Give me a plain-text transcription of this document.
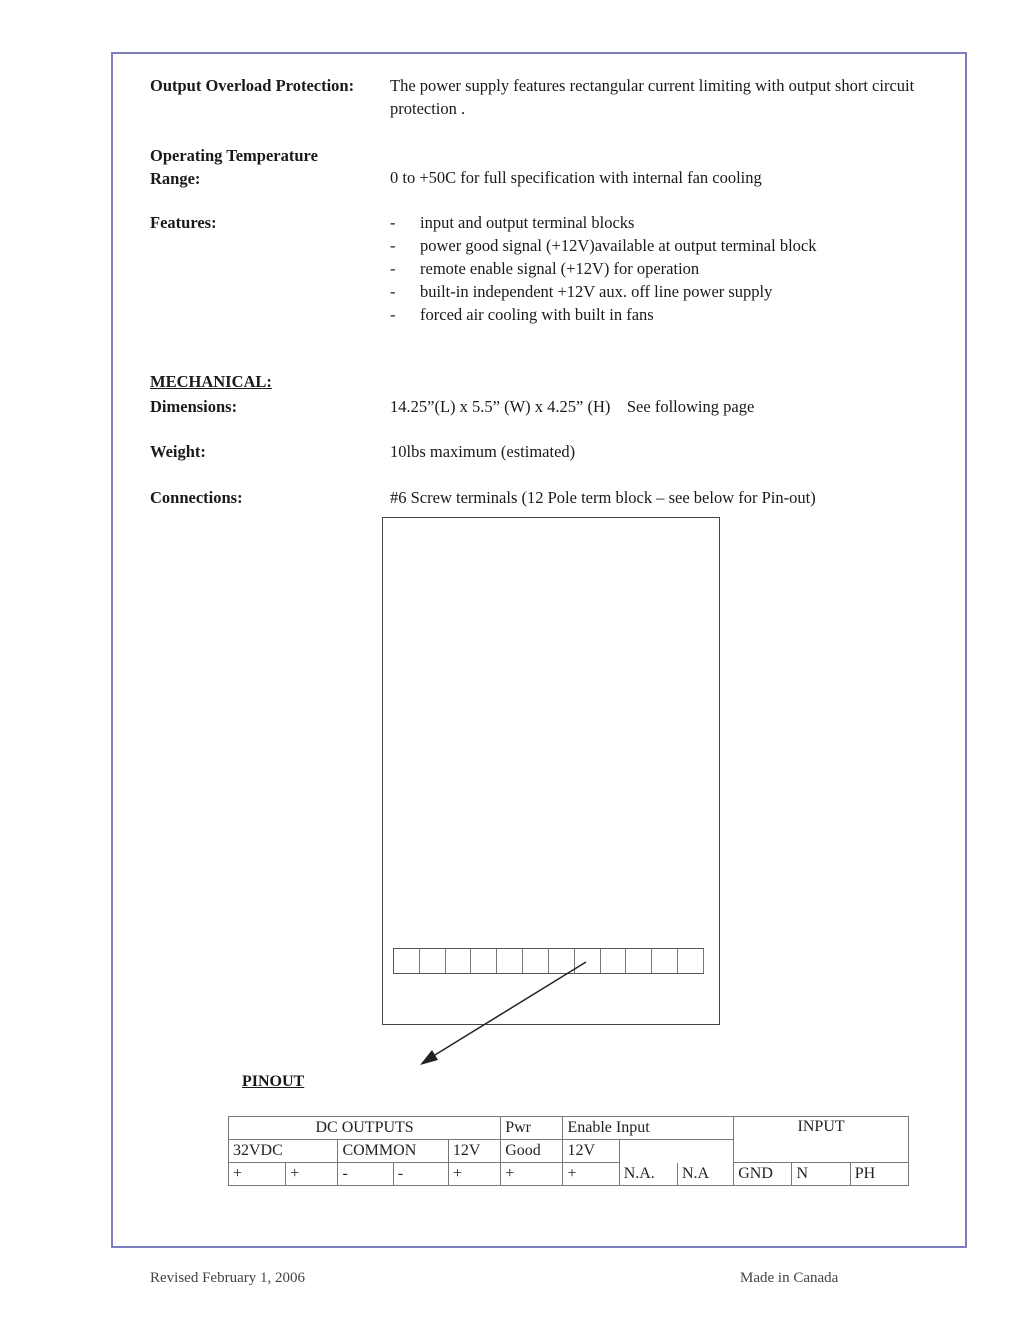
Output Overload Protection:	The power supply features rectangular current limiting with output short circuit protection .
Operating Temperature Range:	0 to +50C for full specification with internal fan cooling
Features:	- input and output terminal blocks
- power good signal (+12V)available at output terminal block
- remote enable signal (+12V) for operation
- built-in independent +12V aux. off line power supply
- forced air cooling with built in fans
MECHANICAL:
Dimensions:	14.25”(L) x 5.5” (W) x 4.25” (H)    See following page
Weight:	10lbs maximum (estimated)
Connections:	#6 Screw terminals (12 Pole term block – see below for Pin-out)
PINOUT
DC OUTPUTS					Pwr	Enable Input			INPUT		
32VDC		COMMON		12V	Good	12V					
+	+	-	-	+	+	+	N.A.	N.A	GND	N	PH
Revised February 1, 2006	Made in Canada
